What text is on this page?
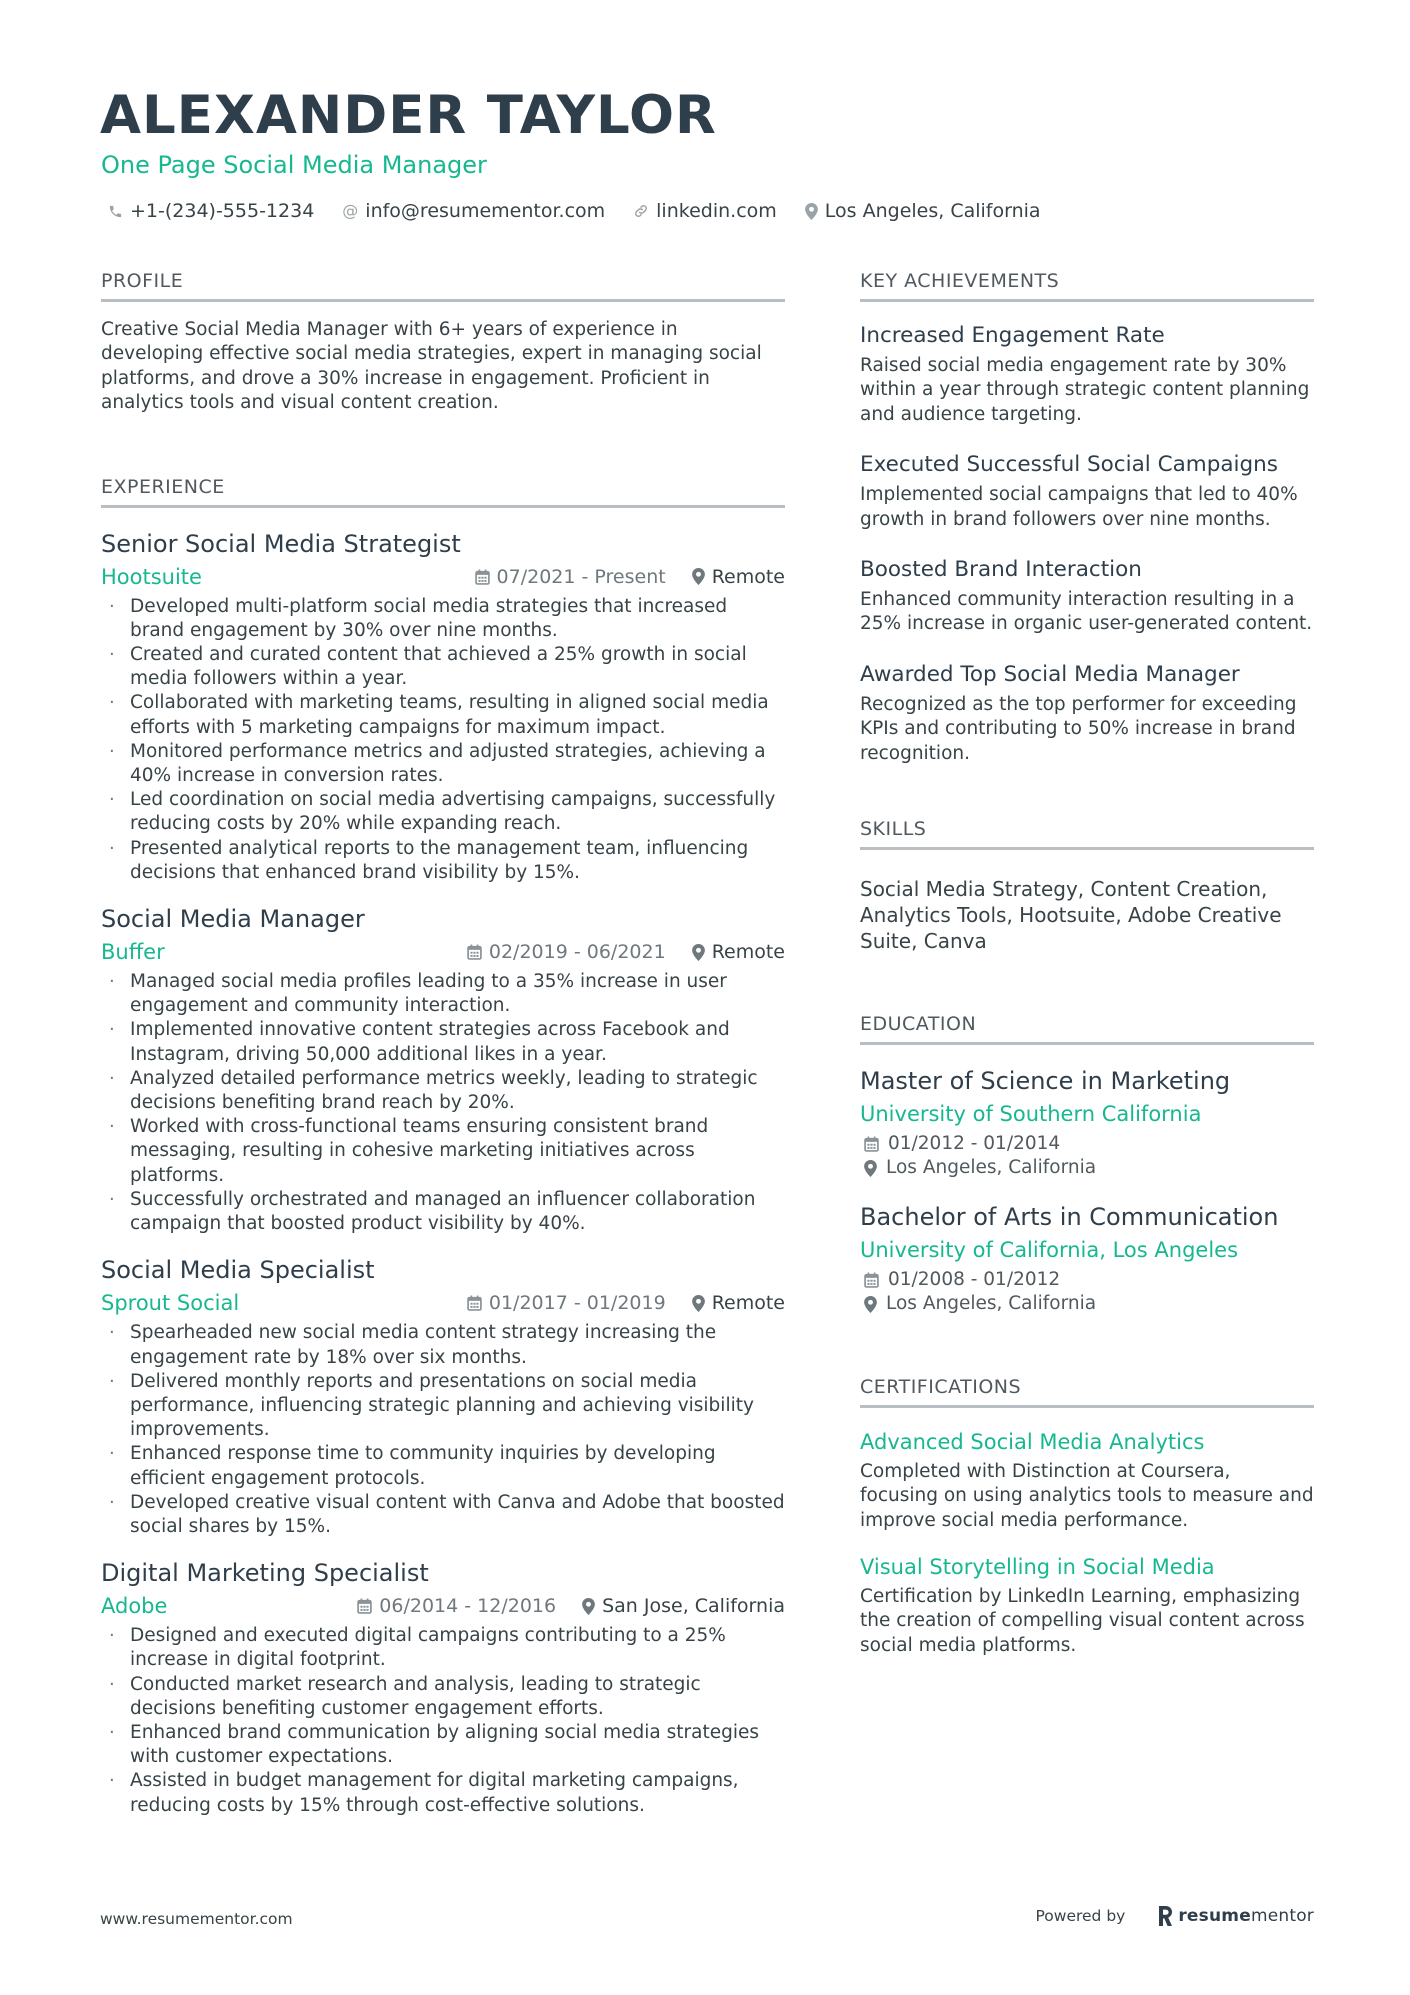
ALEXANDER TAYLOR
One Page Social Media Manager
+1-(234)-555-1234 @ info@resumementor.com	linkedin.com	Los Angeles, California
PROFILE

Creative Social Media Manager with 6+ years of experience in developing effective social media strategies, expert in managing social platforms, and drove a 30% increase in engagement. Proficient in analytics tools and visual content creation.

EXPERIENCE
Senior Social Media Strategist
Hootsuite	07/2021 - Present Remote
· Developed multi-platform social media strategies that increased brand engagement by 30% over nine months.
· Created and curated content that achieved a 25% growth in social media followers within a year.
· Collaborated with marketing teams, resulting in aligned social media efforts with 5 marketing campaigns for maximum impact.
· Monitored performance metrics and adjusted strategies, achieving a 40% increase in conversion rates.
· Led coordination on social media advertising campaigns, successfully reducing costs by 20% while expanding reach.
· Presented analytical reports to the management team, influencing decisions that enhanced brand visibility by 15%.
Social Media Manager
Buffer	02/2019 - 06/2021 Remote
· Managed social media profiles leading to a 35% increase in user engagement and community interaction.
· Implemented innovative content strategies across Facebook and Instagram, driving 50,000 additional likes in a year.
· Analyzed detailed performance metrics weekly, leading to strategic decisions benefiting brand reach by 20%.
· Worked with cross-functional teams ensuring consistent brand messaging, resulting in cohesive marketing initiatives across platforms.
· Successfully orchestrated and managed an influencer collaboration campaign that boosted product visibility by 40%.
Social Media Specialist
Sprout Social	01/2017 - 01/2019 Remote
· Spearheaded new social media content strategy increasing the engagement rate by 18% over six months.
· Delivered monthly reports and presentations on social media performance, influencing strategic planning and achieving visibility improvements.
· Enhanced response time to community inquiries by developing efficient engagement protocols.
· Developed creative visual content with Canva and Adobe that boosted social shares by 15%.
Digital Marketing Specialist
Adobe	06/2014 - 12/2016 San Jose, California
· Designed and executed digital campaigns contributing to a 25% increase in digital footprint.
· Conducted market research and analysis, leading to strategic decisions benefiting customer engagement efforts.
· Enhanced brand communication by aligning social media strategies with customer expectations.
· Assisted in budget management for digital marketing campaigns, reducing costs by 15% through cost-effective solutions.
KEY ACHIEVEMENTS
Increased Engagement Rate
Raised social media engagement rate by 30% within a year through strategic content planning and audience targeting.
Executed Successful Social Campaigns
Implemented social campaigns that led to 40% growth in brand followers over nine months.
Boosted Brand Interaction
Enhanced community interaction resulting in a 25% increase in organic user-generated content.
Awarded Top Social Media Manager
Recognized as the top performer for exceeding KPIs and contributing to 50% increase in brand recognition.
SKILLS

Social Media Strategy, Content Creation, Analytics Tools, Hootsuite, Adobe Creative Suite, Canva

EDUCATION
Master of Science in Marketing
University of Southern California
01/2012 - 01/2014
Los Angeles, California
Bachelor of Arts in Communication
University of California, Los Angeles
01/2008 - 01/2012
Los Angeles, California
CERTIFICATIONS
Advanced Social Media Analytics
Completed with Distinction at Coursera, focusing on using analytics tools to measure and improve social media performance.
Visual Storytelling in Social Media
Certification by LinkedIn Learning, emphasizing the creation of compelling visual content across social media platforms.
www.resumementor.com	Powered by	resumementor
